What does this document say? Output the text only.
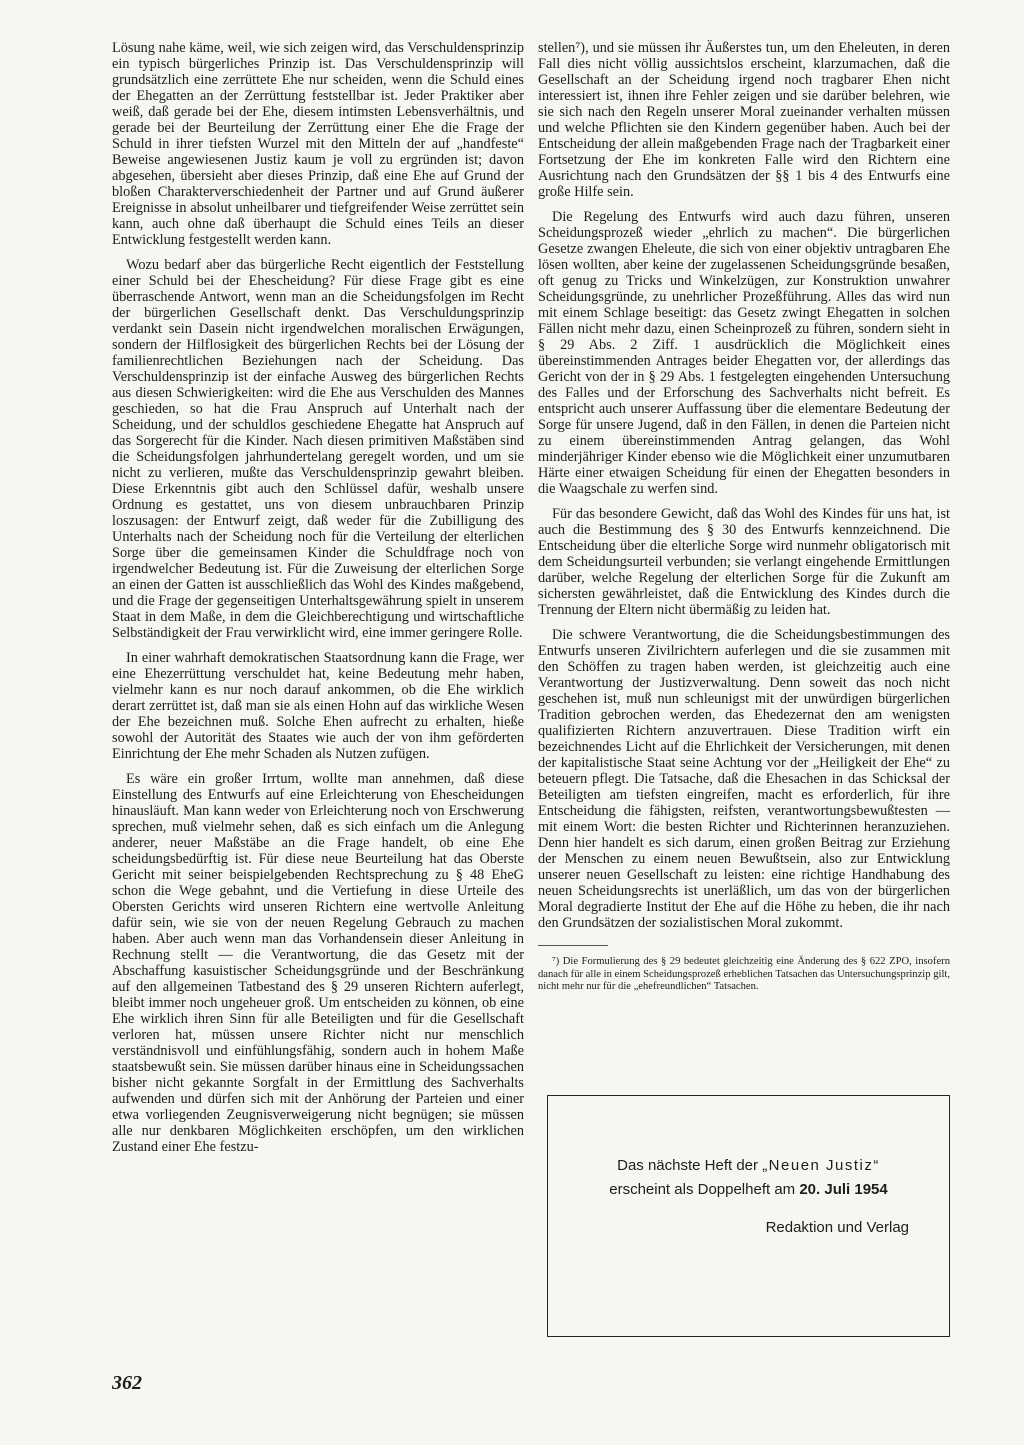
Lösung nahe käme, weil, wie sich zeigen wird, das Verschuldensprinzip ein typisch bürgerliches Prinzip ist. Das Verschuldensprinzip will grundsätzlich eine zerrüttete Ehe nur scheiden, wenn die Schuld eines der Ehegatten an der Zerrüttung feststellbar ist. Jeder Praktiker aber weiß, daß gerade bei der Ehe, diesem intimsten Lebensverhältnis, und gerade bei der Beurteilung der Zerrüttung einer Ehe die Frage der Schuld in ihrer tiefsten Wurzel mit den Mitteln der auf „handfeste“ Beweise angewiesenen Justiz kaum je voll zu ergründen ist; davon abgesehen, übersieht aber dieses Prinzip, daß eine Ehe auf Grund der bloßen Charakterverschiedenheit der Partner und auf Grund äußerer Ereignisse in absolut unheilbarer und tiefgreifender Weise zerrüttet sein kann, auch ohne daß überhaupt die Schuld eines Teils an dieser Entwicklung festgestellt werden kann.

Wozu bedarf aber das bürgerliche Recht eigentlich der Feststellung einer Schuld bei der Ehescheidung? Für diese Frage gibt es eine überraschende Antwort, wenn man an die Scheidungsfolgen im Recht der bürgerlichen Gesellschaft denkt. Das Verschuldungsprinzip verdankt sein Dasein nicht irgendwelchen moralischen Erwägungen, sondern der Hilflosigkeit des bürgerlichen Rechts bei der Lösung der familienrechtlichen Beziehungen nach der Scheidung. Das Verschuldensprinzip ist der einfache Ausweg des bürgerlichen Rechts aus diesen Schwierigkeiten: wird die Ehe aus Verschulden des Mannes geschieden, so hat die Frau Anspruch auf Unterhalt nach der Scheidung, und der schuldlos geschiedene Ehegatte hat Anspruch auf das Sorgerecht für die Kinder. Nach diesen primitiven Maßstäben sind die Scheidungsfolgen jahrhundertelang geregelt worden, und um sie nicht zu verlieren, mußte das Verschuldensprinzip gewahrt bleiben. Diese Erkenntnis gibt auch den Schlüssel dafür, weshalb unsere Ordnung es gestattet, uns von diesem unbrauchbaren Prinzip loszusagen: der Entwurf zeigt, daß weder für die Zubilligung des Unterhalts nach der Scheidung noch für die Verteilung der elterlichen Sorge über die gemeinsamen Kinder die Schuldfrage noch von irgendwelcher Bedeutung ist. Für die Zuweisung der elterlichen Sorge an einen der Gatten ist ausschließlich das Wohl des Kindes maßgebend, und die Frage der gegenseitigen Unterhaltsgewährung spielt in unserem Staat in dem Maße, in dem die Gleichberechtigung und wirtschaftliche Selbständigkeit der Frau verwirklicht wird, eine immer geringere Rolle.

In einer wahrhaft demokratischen Staatsordnung kann die Frage, wer eine Ehezerrüttung verschuldet hat, keine Bedeutung mehr haben, vielmehr kann es nur noch darauf ankommen, ob die Ehe wirklich derart zerrüttet ist, daß man sie als einen Hohn auf das wirkliche Wesen der Ehe bezeichnen muß. Solche Ehen aufrecht zu erhalten, hieße sowohl der Autorität des Staates wie auch der von ihm geförderten Einrichtung der Ehe mehr Schaden als Nutzen zufügen.

Es wäre ein großer Irrtum, wollte man annehmen, daß diese Einstellung des Entwurfs auf eine Erleichterung von Ehescheidungen hinausläuft. Man kann weder von Erleichterung noch von Erschwerung sprechen, muß vielmehr sehen, daß es sich einfach um die Anlegung anderer, neuer Maßstäbe an die Frage handelt, ob eine Ehe scheidungsbedürftig ist. Für diese neue Beurteilung hat das Oberste Gericht mit seiner beispielgebenden Rechtsprechung zu § 48 EheG schon die Wege gebahnt, und die Vertiefung in diese Urteile des Obersten Gerichts wird unseren Richtern eine wertvolle Anleitung dafür sein, wie sie von der neuen Regelung Gebrauch zu machen haben. Aber auch wenn man das Vorhandensein dieser Anleitung in Rechnung stellt — die Verantwortung, die das Gesetz mit der Abschaffung kasuistischer Scheidungsgründe und der Beschränkung auf den allgemeinen Tatbestand des § 29 unseren Richtern auferlegt, bleibt immer noch ungeheuer groß. Um entscheiden zu können, ob eine Ehe wirklich ihren Sinn für alle Beteiligten und für die Gesellschaft verloren hat, müssen unsere Richter nicht nur menschlich verständnisvoll und einfühlungsfähig, sondern auch in hohem Maße staatsbewußt sein. Sie müssen darüber hinaus eine in Scheidungssachen bisher nicht gekannte Sorgfalt in der Ermittlung des Sachverhalts aufwenden und dürfen sich mit der Anhörung der Parteien und einer etwa vorliegenden Zeugnisverweigerung nicht begnügen; sie müssen alle nur denkbaren Möglichkeiten erschöpfen, um den wirklichen Zustand einer Ehe festzu-

stellen⁷), und sie müssen ihr Äußerstes tun, um den Eheleuten, in deren Fall dies nicht völlig aussichtslos erscheint, klarzumachen, daß die Gesellschaft an der Scheidung irgend noch tragbarer Ehen nicht interessiert ist, ihnen ihre Fehler zeigen und sie darüber belehren, wie sie sich nach den Regeln unserer Moral zueinander verhalten müssen und welche Pflichten sie den Kindern gegenüber haben. Auch bei der Entscheidung der allein maßgebenden Frage nach der Tragbarkeit einer Fortsetzung der Ehe im konkreten Falle wird den Richtern eine Ausrichtung nach den Grundsätzen der §§ 1 bis 4 des Entwurfs eine große Hilfe sein.

Die Regelung des Entwurfs wird auch dazu führen, unseren Scheidungsprozeß wieder „ehrlich zu machen“. Die bürgerlichen Gesetze zwangen Eheleute, die sich von einer objektiv untragbaren Ehe lösen wollten, aber keine der zugelassenen Scheidungsgründe besaßen, oft genug zu Tricks und Winkelzügen, zur Konstruktion unwahrer Scheidungsgründe, zu unehrlicher Prozeßführung. Alles das wird nun mit einem Schlage beseitigt: das Gesetz zwingt Ehegatten in solchen Fällen nicht mehr dazu, einen Scheinprozeß zu führen, sondern sieht in § 29 Abs. 2 Ziff. 1 ausdrücklich die Möglichkeit eines übereinstimmenden Antrages beider Ehegatten vor, der allerdings das Gericht von der in § 29 Abs. 1 festgelegten eingehenden Untersuchung des Falles und der Erforschung des Sachverhalts nicht befreit. Es entspricht auch unserer Auffassung über die elementare Bedeutung der Sorge für unsere Jugend, daß in den Fällen, in denen die Parteien nicht zu einem übereinstimmenden Antrag gelangen, das Wohl minderjähriger Kinder ebenso wie die Möglichkeit einer unzumutbaren Härte einer etwaigen Scheidung für einen der Ehegatten besonders in die Waagschale zu werfen sind.

Für das besondere Gewicht, daß das Wohl des Kindes für uns hat, ist auch die Bestimmung des § 30 des Entwurfs kennzeichnend. Die Entscheidung über die elterliche Sorge wird nunmehr obligatorisch mit dem Scheidungsurteil verbunden; sie verlangt eingehende Ermittlungen darüber, welche Regelung der elterlichen Sorge für die Zukunft am sichersten gewährleistet, daß die Entwicklung des Kindes durch die Trennung der Eltern nicht übermäßig zu leiden hat.

Die schwere Verantwortung, die die Scheidungsbestimmungen des Entwurfs unseren Zivilrichtern auferlegen und die sie zusammen mit den Schöffen zu tragen haben werden, ist gleichzeitig auch eine Verantwortung der Justizverwaltung. Denn soweit das noch nicht geschehen ist, muß nun schleunigst mit der unwürdigen bürgerlichen Tradition gebrochen werden, das Ehedezernat den am wenigsten qualifizierten Richtern anzuvertrauen. Diese Tradition wirft ein bezeichnendes Licht auf die Ehrlichkeit der Versicherungen, mit denen der kapitalistische Staat seine Achtung vor der „Heiligkeit der Ehe“ zu beteuern pflegt. Die Tatsache, daß die Ehesachen in das Schicksal der Beteiligten am tiefsten eingreifen, macht es erforderlich, für ihre Entscheidung die fähigsten, reifsten, verantwortungsbewußtesten — mit einem Wort: die besten Richter und Richterinnen heranzuziehen. Denn hier handelt es sich darum, einen großen Beitrag zur Erziehung der Menschen zu einem neuen Bewußtsein, also zur Entwicklung unserer neuen Gesellschaft zu leisten: eine richtige Handhabung des neuen Scheidungsrechts ist unerläßlich, um das von der bürgerlichen Moral degradierte Institut der Ehe auf die Höhe zu heben, die ihr nach den Grundsätzen der sozialistischen Moral zukommt.

⁷) Die Formulierung des § 29 bedeutet gleichzeitig eine Änderung des § 622 ZPO, insofern danach für alle in einem Scheidungsprozeß erheblichen Tatsachen das Untersuchungsprinzip gilt, nicht mehr nur für die „ehefreundlichen“ Tatsachen.
Das nächste Heft der „Neuen Justiz“
erscheint als Doppelheft am 20. Juli 1954
Redaktion und Verlag
362
